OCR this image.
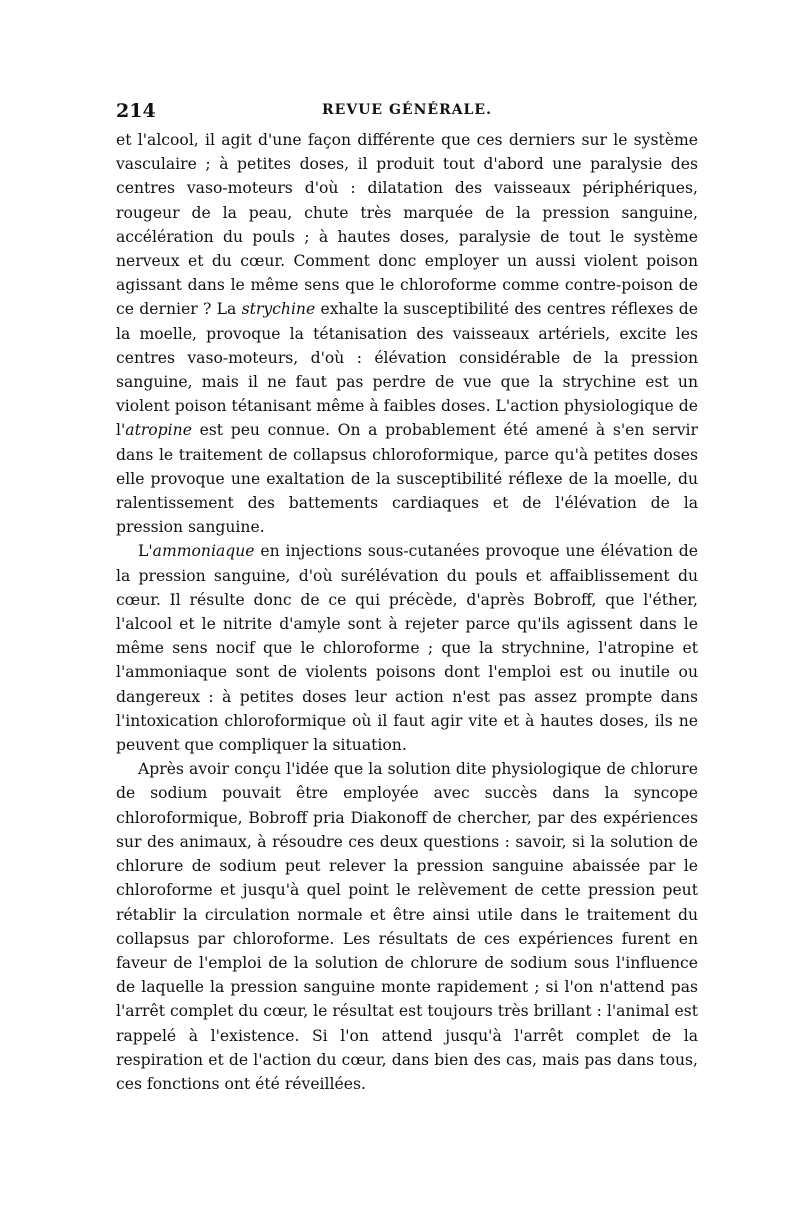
214	REVUE GÉNÉRALE.

et l'alcool, il agit d'une façon différente que ces derniers sur le système vasculaire ; à petites doses, il produit tout d'abord une paralysie des centres vaso-moteurs d'où : dilatation des vaisseaux périphériques, rougeur de la peau, chute très marquée de la pression sanguine, accélération du pouls ; à hautes doses, paralysie de tout le système nerveux et du cœur. Comment donc employer un aussi violent poison agissant dans le même sens que le chloroforme comme contre-poison de ce dernier ? La strychine exhalte la susceptibilité des centres réflexes de la moelle, provoque la tétanisation des vaisseaux artériels, excite les centres vaso-moteurs, d'où : élévation considérable de la pression sanguine, mais il ne faut pas perdre de vue que la strychine est un violent poison tétanisant même à faibles doses. L'action physiologique de l'atropine est peu connue. On a probablement été amené à s'en servir dans le traitement de collapsus chloroformique, parce qu'à petites doses elle provoque une exaltation de la susceptibilité réflexe de la moelle, du ralentissement des battements cardiaques et de l'élévation de la pression sanguine.

L'ammoniaque en injections sous-cutanées provoque une élévation de la pression sanguine, d'où surélévation du pouls et affaiblissement du cœur. Il résulte donc de ce qui précède, d'après Bobroff, que l'éther, l'alcool et le nitrite d'amyle sont à rejeter parce qu'ils agissent dans le même sens nocif que le chloroforme ; que la strychnine, l'atropine et l'ammoniaque sont de violents poisons dont l'emploi est ou inutile ou dangereux : à petites doses leur action n'est pas assez prompte dans l'intoxication chloroformique où il faut agir vite et à hautes doses, ils ne peuvent que compliquer la situation.

Après avoir conçu l'idée que la solution dite physiologique de chlorure de sodium pouvait être employée avec succès dans la syncope chloroformique, Bobroff pria Diakonoff de chercher, par des expériences sur des animaux, à résoudre ces deux questions : savoir, si la solution de chlorure de sodium peut relever la pression sanguine abaissée par le chloroforme et jusqu'à quel point le relèvement de cette pression peut rétablir la circulation normale et être ainsi utile dans le traitement du collapsus par chloroforme. Les résultats de ces expériences furent en faveur de l'emploi de la solution de chlorure de sodium sous l'influence de laquelle la pression sanguine monte rapidement ; si l'on n'attend pas l'arrêt complet du cœur, le résultat est toujours très brillant : l'animal est rappelé à l'existence. Si l'on attend jusqu'à l'arrêt complet de la respiration et de l'action du cœur, dans bien des cas, mais pas dans tous, ces fonctions ont été réveillées.
